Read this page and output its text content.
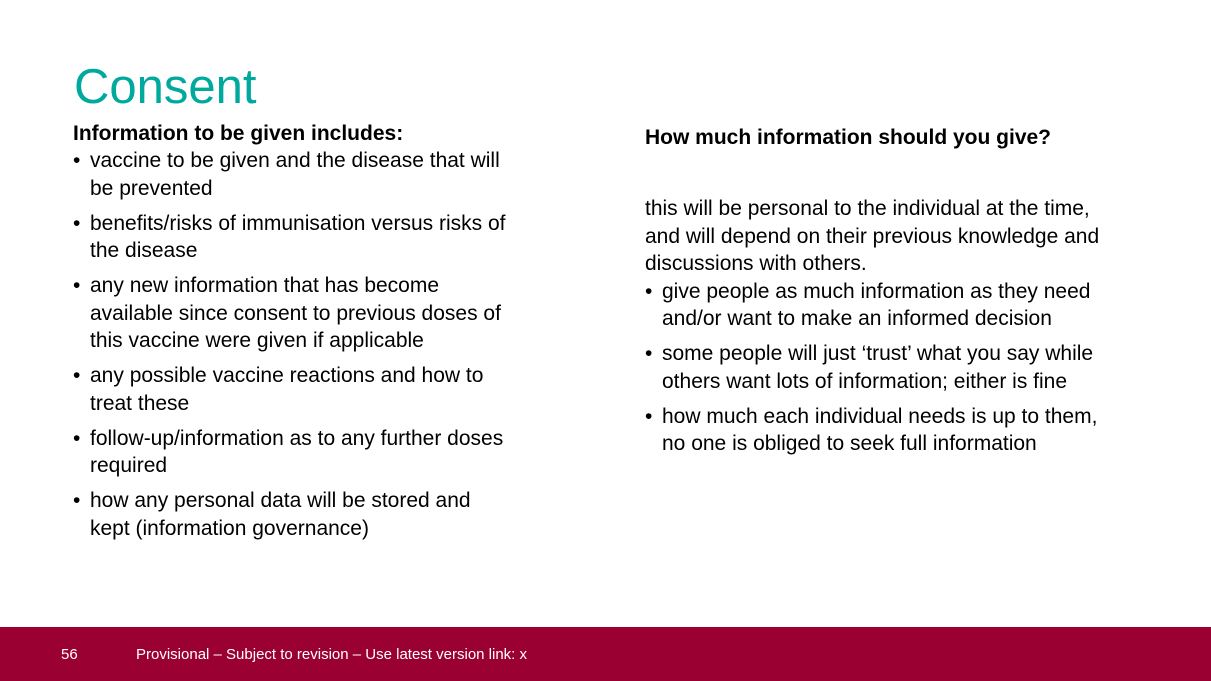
Consent

Information to be given includes:

• vaccine to be given and the disease that will be prevented
• benefits/risks of immunisation versus risks of the disease
• any new information that has become available since consent to previous doses of this vaccine were given if applicable
• any possible vaccine reactions and how to treat these
• follow-up/information as to any further doses required
• how any personal data will be stored and kept (information governance)

How much information should you give?

this will be personal to the individual at the time, and will depend on their previous knowledge and discussions with others.

• give people as much information as they need and/or want to make an informed decision
• some people will just ‘trust’ what you say while others want lots of information; either is fine
• how much each individual needs is up to them, no one is obliged to seek full information
56	Provisional – Subject to revision – Use latest version link: x
